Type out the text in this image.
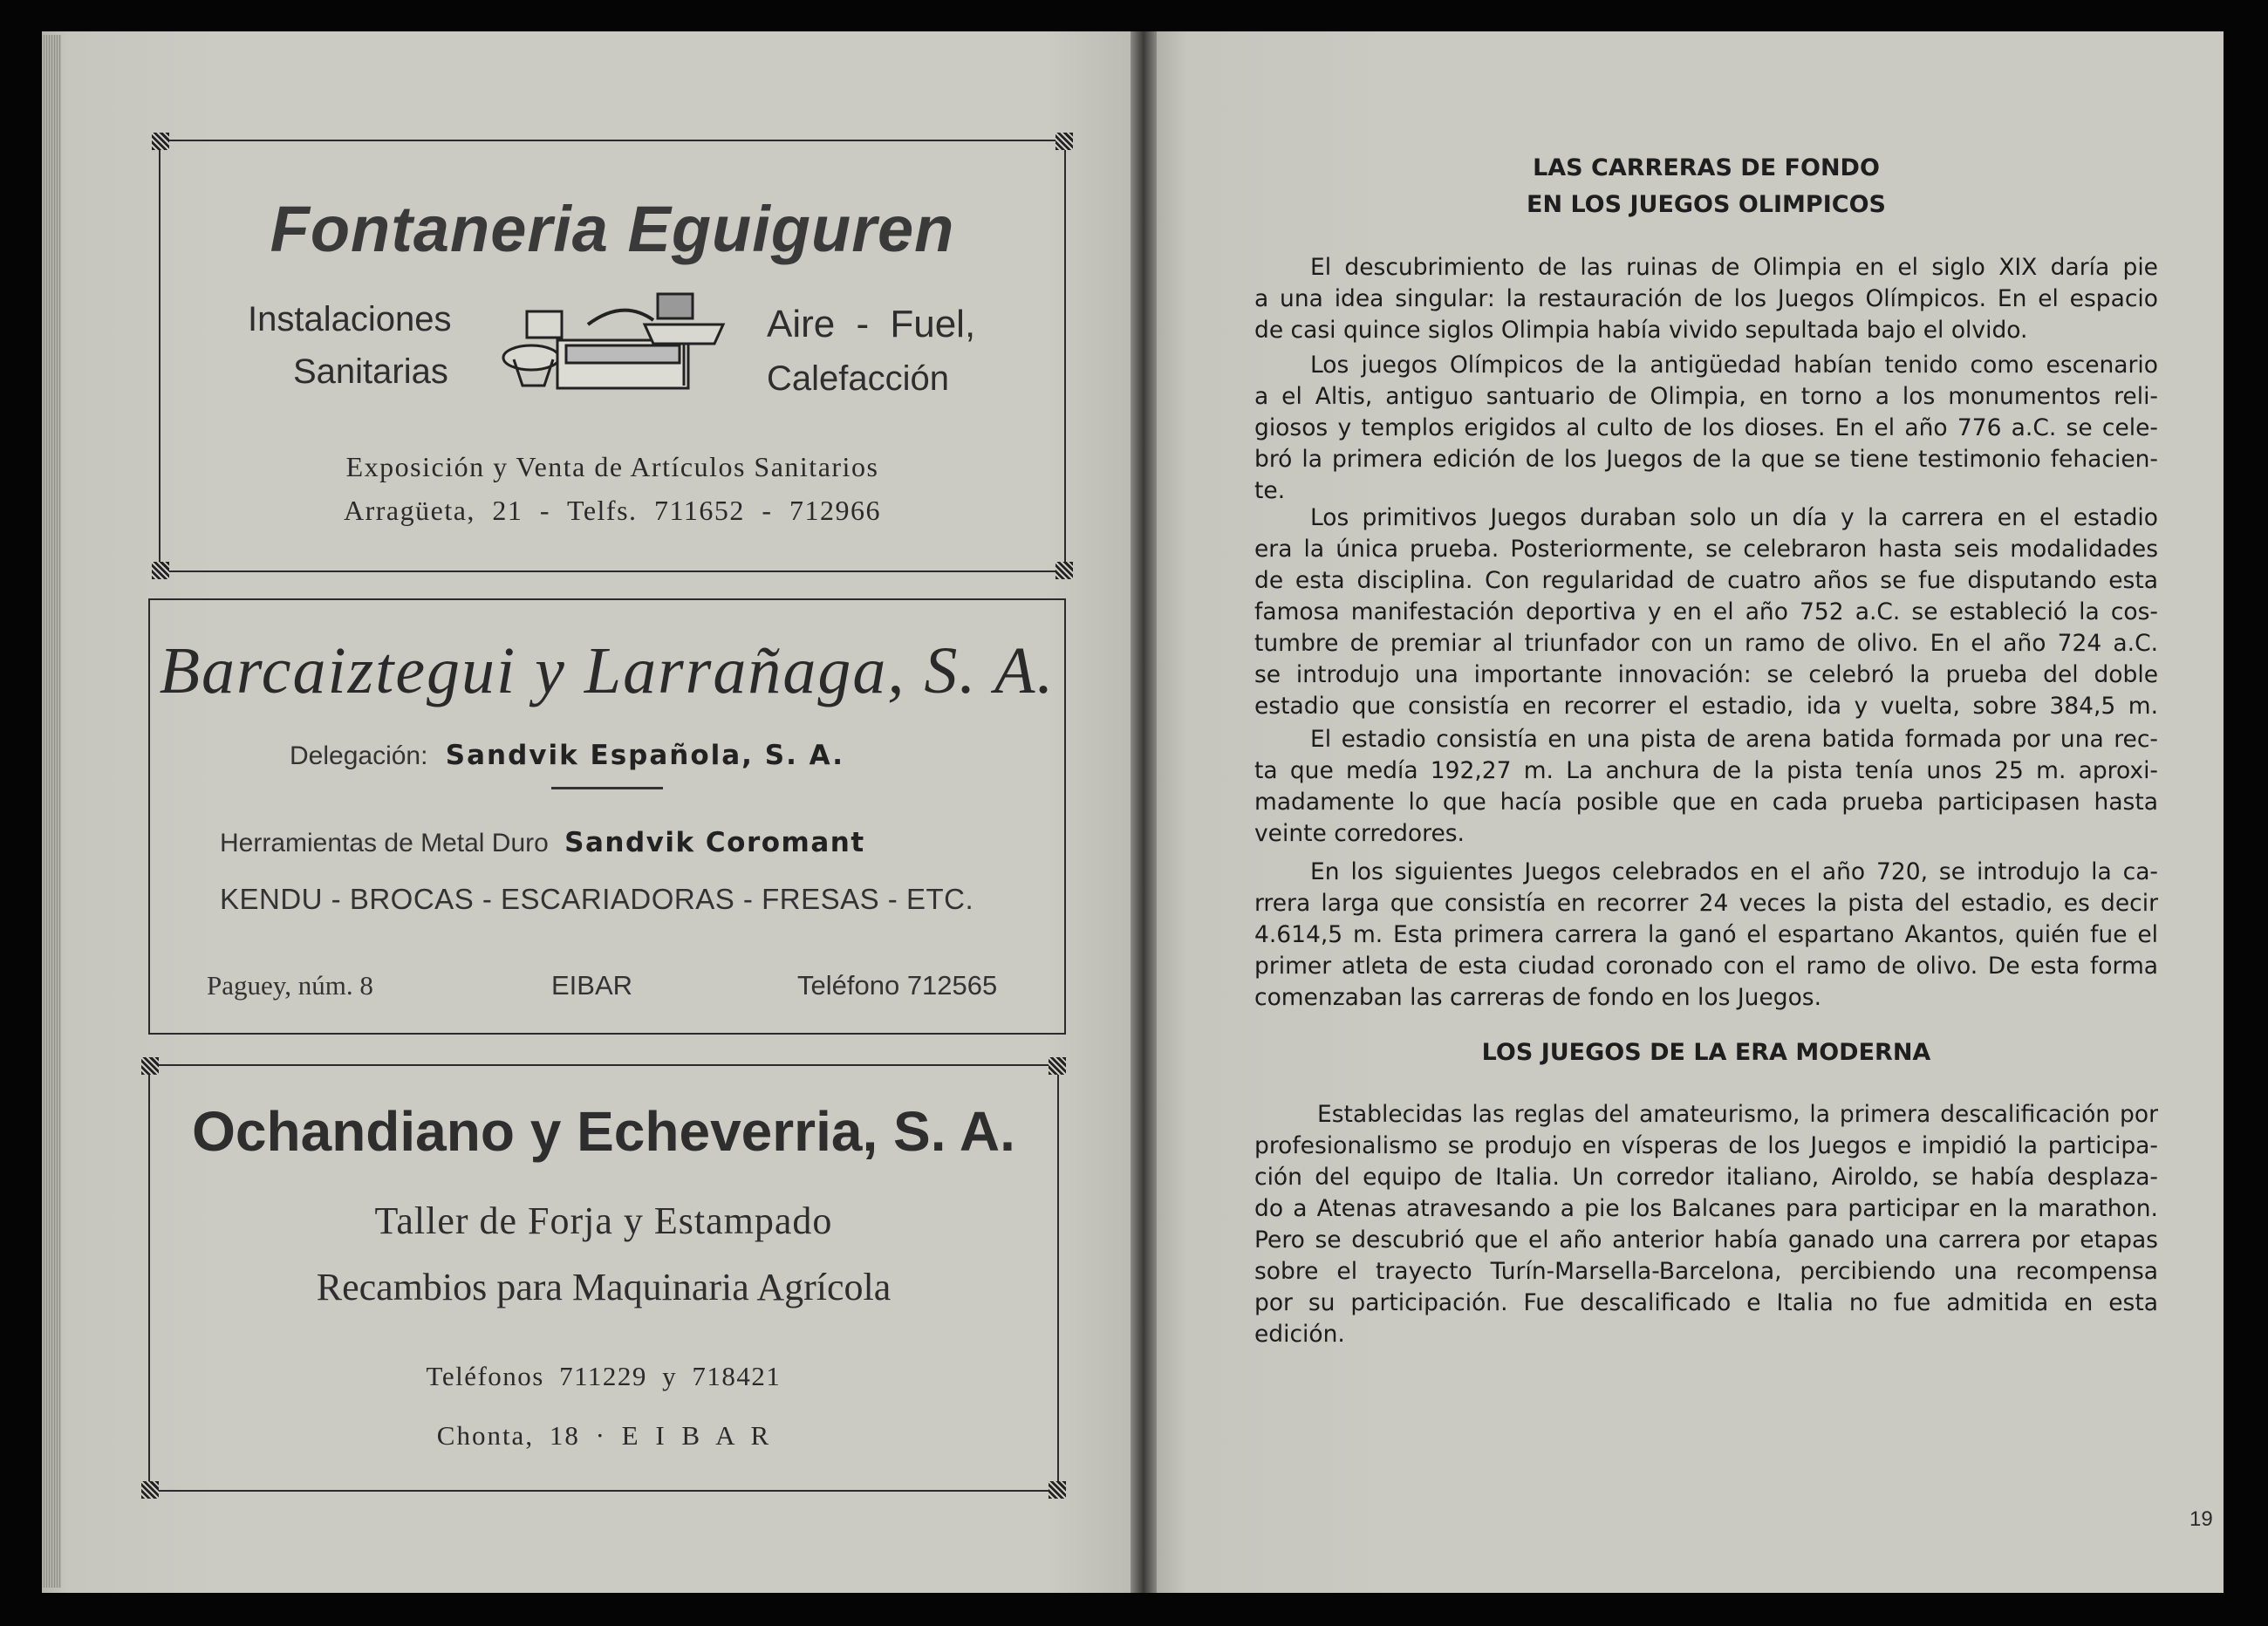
Fontaneria Eguiguren
Instalaciones
Sanitarias
Aire - Fuel,
Calefacción
Exposición y Venta de Artículos Sanitarios
Arragüeta, 21 - Telfs. 711652 - 712966
Barcaiztegui y Larrañaga, S. A.
Delegación: Sandvik Española, S. A.
Herramientas de Metal Duro Sandvik Coromant
KENDU - BROCAS - ESCARIADORAS - FRESAS - ETC.
Paguey, núm. 8	EIBAR	Teléfono 712565
Ochandiano y Echeverria, S. A.
Taller de Forja y Estampado
Recambios para Maquinaria Agrícola
Teléfonos 711229 y 718421
Chonta, 18 · E I B A R
LAS CARRERAS DE FONDO
EN LOS JUEGOS OLIMPICOS
El descubrimiento de las ruinas de Olimpia en el siglo XIX daría pie
a una idea singular: la restauración de los Juegos Olímpicos. En el espacio
de casi quince siglos Olimpia había vivido sepultada bajo el olvido.
Los juegos Olímpicos de la antigüedad habían tenido como escenario
a el Altis, antiguo santuario de Olimpia, en torno a los monumentos reli-
giosos y templos erigidos al culto de los dioses. En el año 776 a.C. se cele-
bró la primera edición de los Juegos de la que se tiene testimonio fehacien-
te.
Los primitivos Juegos duraban solo un día y la carrera en el estadio
era la única prueba. Posteriormente, se celebraron hasta seis modalidades
de esta disciplina. Con regularidad de cuatro años se fue disputando esta
famosa manifestación deportiva y en el año 752 a.C. se estableció la cos-
tumbre de premiar al triunfador con un ramo de olivo. En el año 724 a.C.
se introdujo una importante innovación: se celebró la prueba del doble
estadio que consistía en recorrer el estadio, ida y vuelta, sobre 384,5 m.
El estadio consistía en una pista de arena batida formada por una rec-
ta que medía 192,27 m. La anchura de la pista tenía unos 25 m. aproxi-
madamente lo que hacía posible que en cada prueba participasen hasta
veinte corredores.
En los siguientes Juegos celebrados en el año 720, se introdujo la ca-
rrera larga que consistía en recorrer 24 veces la pista del estadio, es decir
4.614,5 m. Esta primera carrera la ganó el espartano Akantos, quién fue el
primer atleta de esta ciudad coronado con el ramo de olivo. De esta forma
comenzaban las carreras de fondo en los Juegos.
LOS JUEGOS DE LA ERA MODERNA
Establecidas las reglas del amateurismo, la primera descalificación por
profesionalismo se produjo en vísperas de los Juegos e impidió la participa-
ción del equipo de Italia. Un corredor italiano, Airoldo, se había desplaza-
do a Atenas atravesando a pie los Balcanes para participar en la marathon.
Pero se descubrió que el año anterior había ganado una carrera por etapas
sobre el trayecto Turín-Marsella-Barcelona, percibiendo una recompensa
por su participación. Fue descalificado e Italia no fue admitida en esta
edición.
19
